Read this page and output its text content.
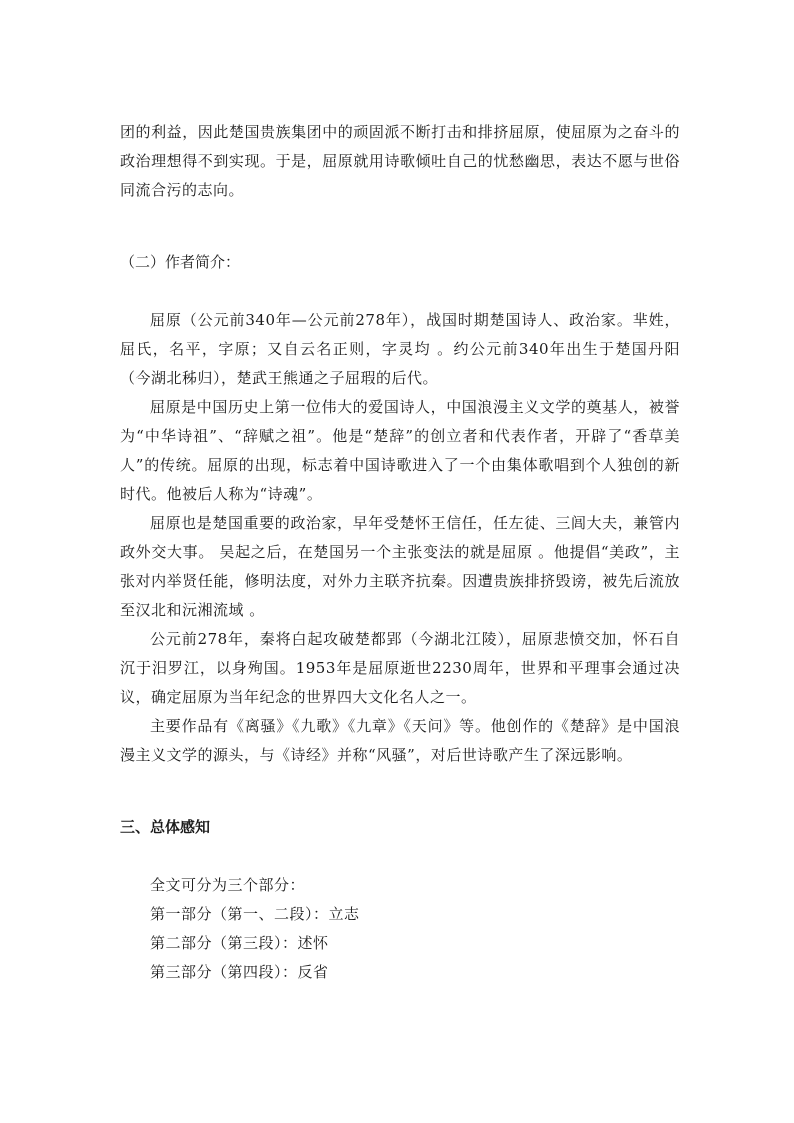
团的利益，因此楚国贵族集团中的顽固派不断打击和排挤屈原，使屈原为之奋斗的政治理想得不到实现。于是，屈原就用诗歌倾吐自己的忧愁幽思，表达不愿与世俗同流合污的志向。

（二）作者简介：

屈原（公元前340年—公元前278年），战国时期楚国诗人、政治家。芈姓，屈氏，名平，字原；又自云名正则，字灵均 。约公元前340年出生于楚国丹阳（今湖北秭归），楚武王熊通之子屈瑕的后代。

屈原是中国历史上第一位伟大的爱国诗人，中国浪漫主义文学的奠基人，被誉为“中华诗祖”、“辞赋之祖”。他是“楚辞”的创立者和代表作者，开辟了“香草美人”的传统。屈原的出现，标志着中国诗歌进入了一个由集体歌唱到个人独创的新时代。他被后人称为“诗魂”。

屈原也是楚国重要的政治家，早年受楚怀王信任，任左徒、三闾大夫，兼管内政外交大事。 吴起之后，在楚国另一个主张变法的就是屈原 。他提倡“美政”，主张对内举贤任能，修明法度，对外力主联齐抗秦。因遭贵族排挤毁谤，被先后流放至汉北和沅湘流域 。

公元前278年，秦将白起攻破楚都郢（今湖北江陵），屈原悲愤交加，怀石自沉于汨罗江，以身殉国。1953年是屈原逝世2230周年，世界和平理事会通过决议，确定屈原为当年纪念的世界四大文化名人之一。

主要作品有《离骚》《九歌》《九章》《天问》等。他创作的《楚辞》是中国浪漫主义文学的源头，与《诗经》并称“风骚”，对后世诗歌产生了深远影响。

三、总体感知

全文可分为三个部分：

第一部分（第一、二段）：立志

第二部分（第三段）：述怀

第三部分（第四段）：反省
